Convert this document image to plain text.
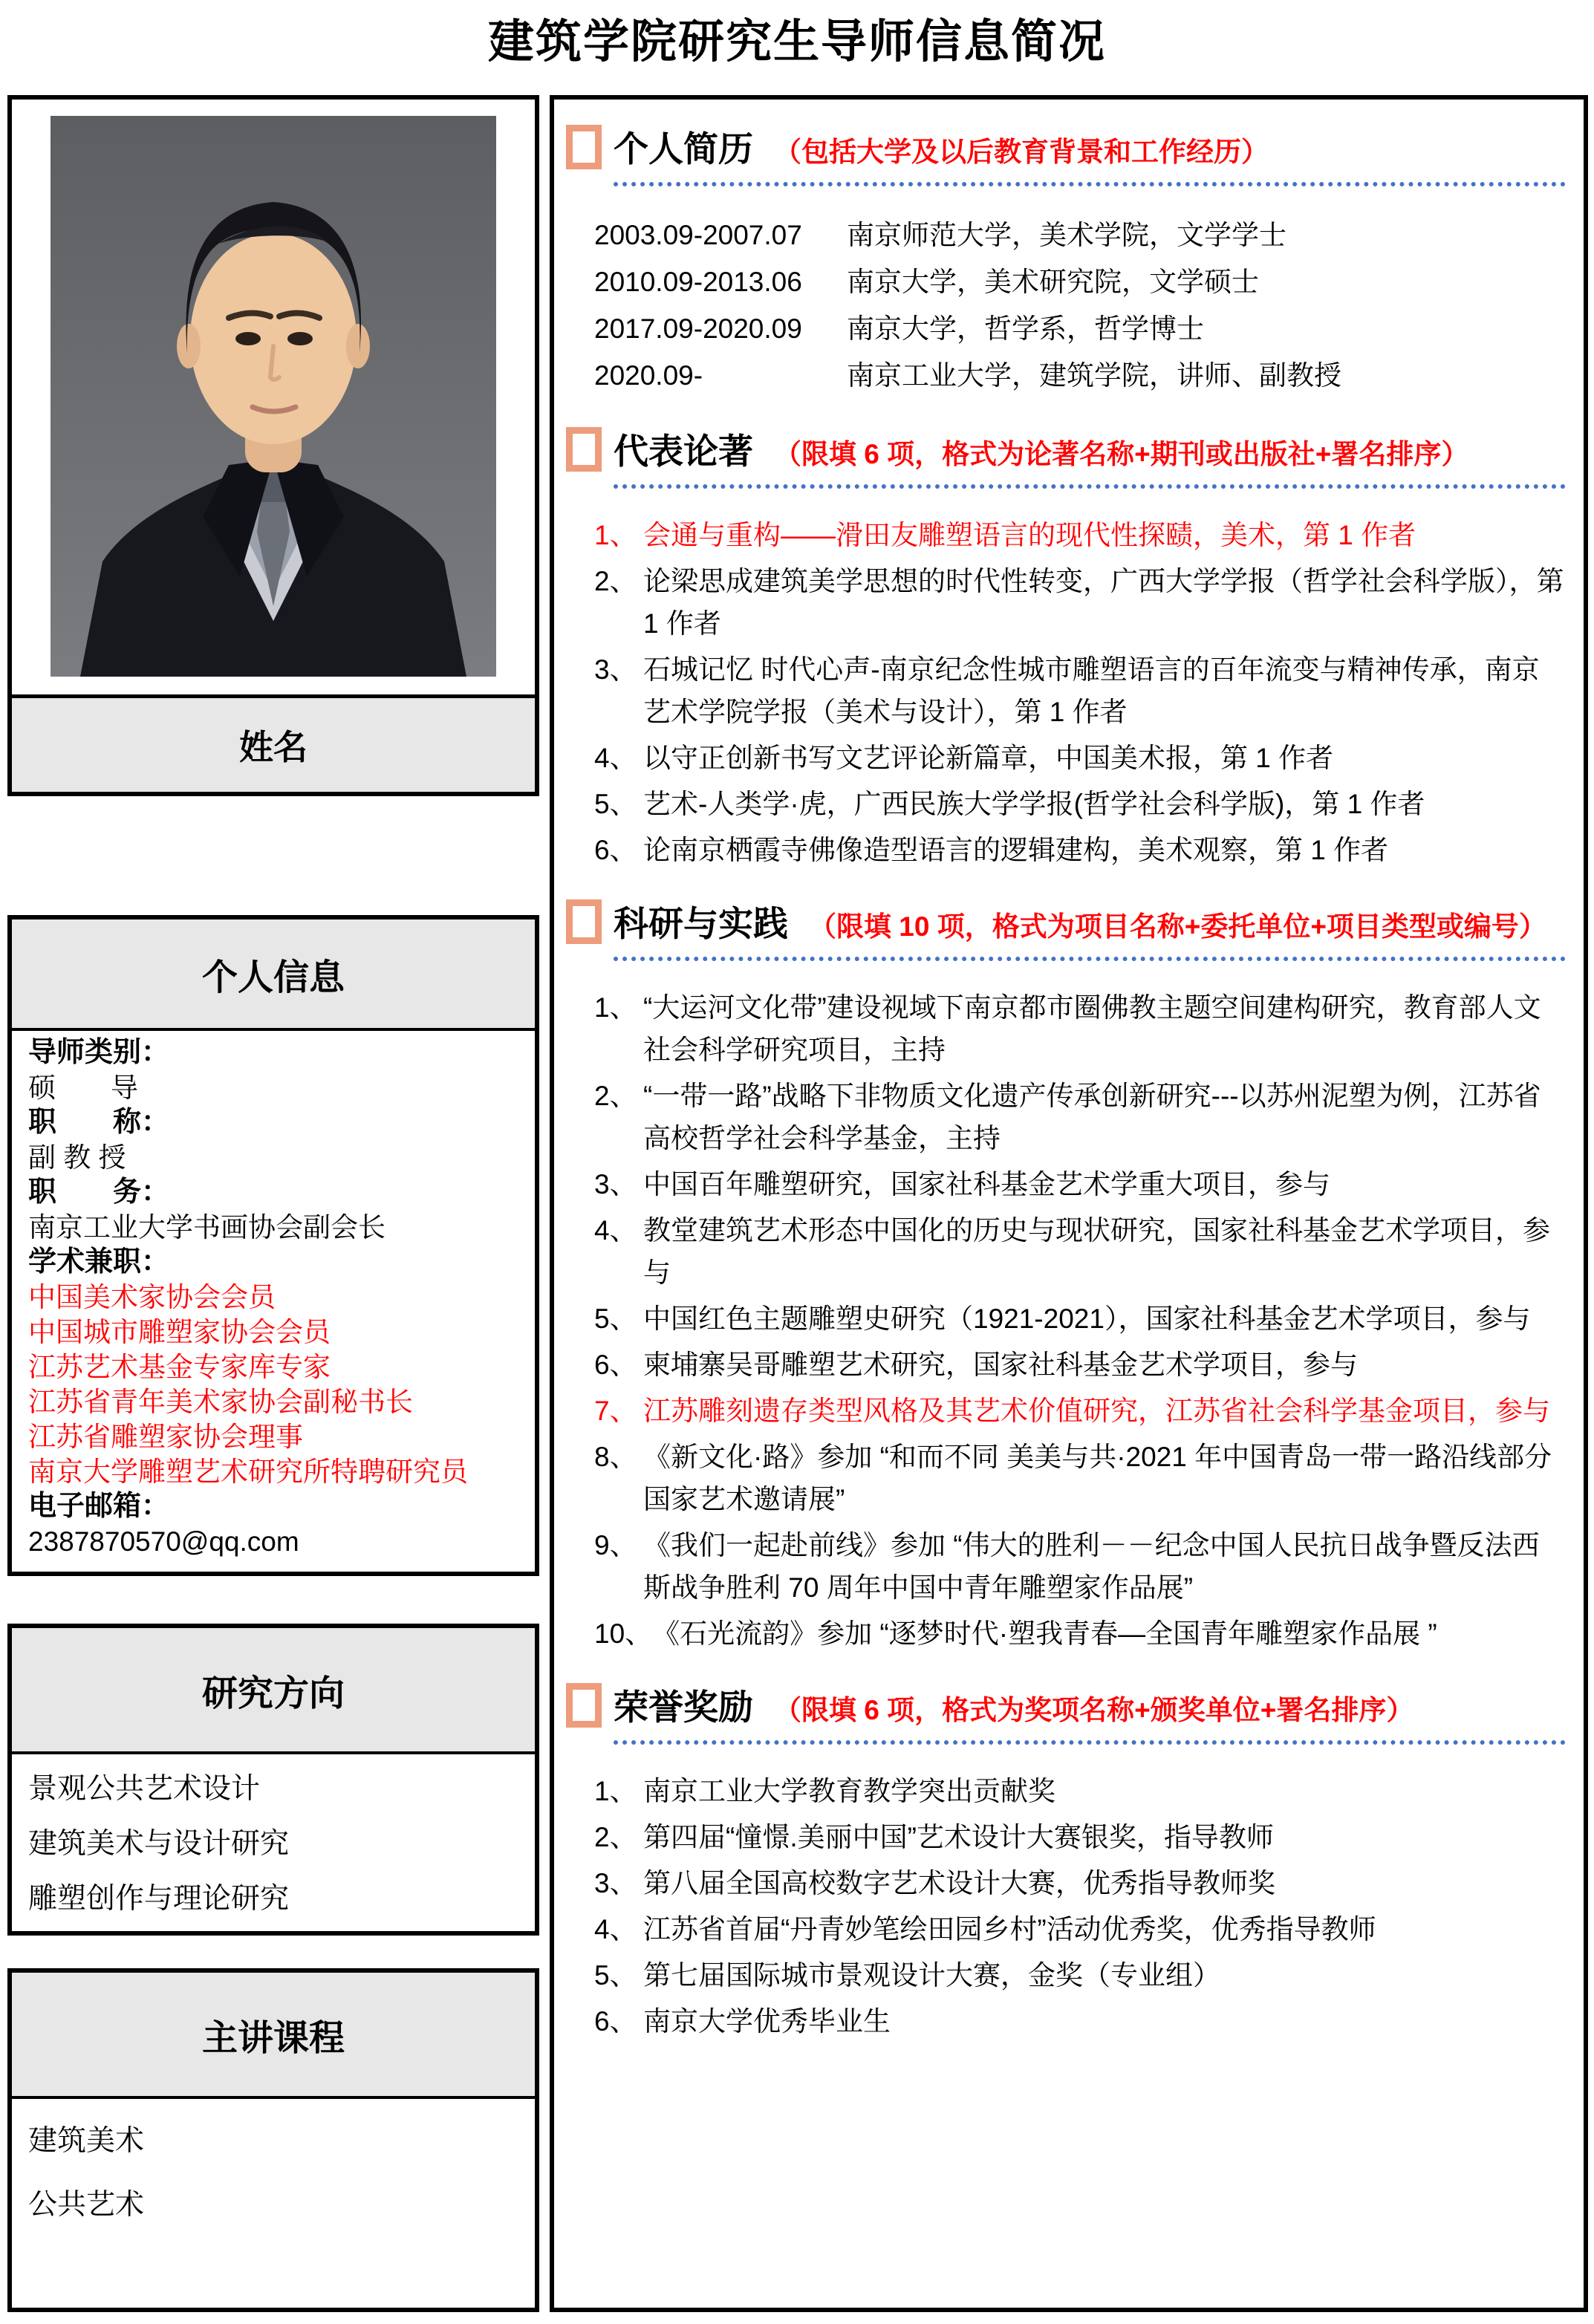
建筑学院研究生导师信息简况
姓名
个人信息
导师类别：
硕　　导
职　　称：
副 教 授
职　　务：
南京工业大学书画协会副会长
学术兼职：
中国美术家协会会员
中国城市雕塑家协会会员
江苏艺术基金专家库专家
江苏省青年美术家协会副秘书长
江苏省雕塑家协会理事
南京大学雕塑艺术研究所特聘研究员
电子邮箱：
2387870570@qq.com
研究方向
景观公共艺术设计
建筑美术与设计研究
雕塑创作与理论研究
主讲课程
建筑美术
公共艺术
个人简历 （包括大学及以后教育背景和工作经历）
2003.09-2007.07	南京师范大学，美术学院，文学学士
2010.09-2013.06	南京大学，美术研究院，文学硕士
2017.09-2020.09	南京大学，哲学系，哲学博士
2020.09-	南京工业大学，建筑学院，讲师、副教授
代表论著 （限填 6 项，格式为论著名称+期刊或出版社+署名排序）
1、 会通与重构——滑田友雕塑语言的现代性探赜，美术，第 1 作者
2、 论梁思成建筑美学思想的时代性转变，广西大学学报（哲学社会科学版），第 1 作者
3、 石城记忆 时代心声-南京纪念性城市雕塑语言的百年流变与精神传承，南京艺术学院学报（美术与设计），第 1 作者
4、 以守正创新书写文艺评论新篇章，中国美术报，第 1 作者
5、 艺术-人类学·虎，广西民族大学学报(哲学社会科学版)，第 1 作者
6、 论南京栖霞寺佛像造型语言的逻辑建构，美术观察，第 1 作者
科研与实践 （限填 10 项，格式为项目名称+委托单位+项目类型或编号）
1、 “大运河文化带”建设视域下南京都市圈佛教主题空间建构研究，教育部人文社会科学研究项目，主持
2、 “一带一路”战略下非物质文化遗产传承创新研究---以苏州泥塑为例，江苏省高校哲学社会科学基金，主持
3、 中国百年雕塑研究，国家社科基金艺术学重大项目，参与
4、 教堂建筑艺术形态中国化的历史与现状研究，国家社科基金艺术学项目，参与
5、 中国红色主题雕塑史研究（1921-2021），国家社科基金艺术学项目，参与
6、 柬埔寨吴哥雕塑艺术研究，国家社科基金艺术学项目，参与
7、 江苏雕刻遗存类型风格及其艺术价值研究，江苏省社会科学基金项目，参与
8、 《新文化·路》参加 “和而不同 美美与共·2021 年中国青岛一带一路沿线部分国家艺术邀请展”
9、 《我们一起赴前线》参加 “伟大的胜利－－纪念中国人民抗日战争暨反法西斯战争胜利 70 周年中国中青年雕塑家作品展”
10、 《石光流韵》参加 “逐梦时代·塑我青春—全国青年雕塑家作品展 ”
荣誉奖励 （限填 6 项，格式为奖项名称+颁奖单位+署名排序）
1、 南京工业大学教育教学突出贡献奖
2、 第四届“憧憬.美丽中国”艺术设计大赛银奖，指导教师
3、 第八届全国高校数字艺术设计大赛，优秀指导教师奖
4、 江苏省首届“丹青妙笔绘田园乡村”活动优秀奖，优秀指导教师
5、 第七届国际城市景观设计大赛，金奖（专业组）
6、 南京大学优秀毕业生
